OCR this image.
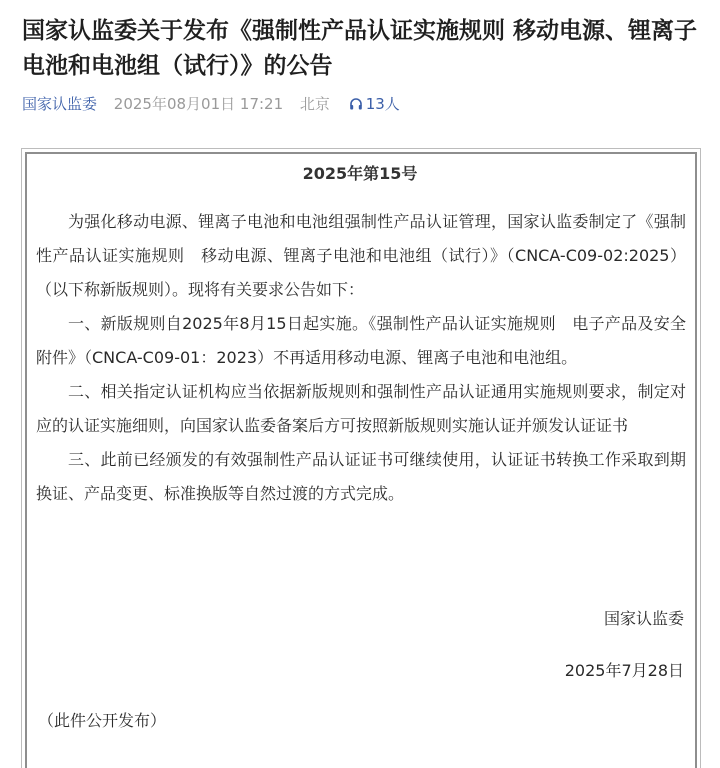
国家认监委关于发布《强制性产品认证实施规则 移动电源、锂离子电池和电池组（试行）》的公告
国家认监委 2025年08月01日 17:21 北京 13人
2025年第15号

为强化移动电源、锂离子电池和电池组强制性产品认证管理，国家认监委制定了《强制性产品认证实施规则　移动电源、锂离子电池和电池组（试行）》（CNCA-C09-02:2025）（以下称新版规则）。现将有关要求公告如下：

一、新版规则自2025年8月15日起实施。《强制性产品认证实施规则　电子产品及安全附件》（CNCA-C09-01：2023）不再适用移动电源、锂离子电池和电池组。

二、相关指定认证机构应当依据新版规则和强制性产品认证通用实施规则要求，制定对应的认证实施细则，向国家认监委备案后方可按照新版规则实施认证并颁发认证证书

三、此前已经颁发的有效强制性产品认证证书可继续使用，认证证书转换工作采取到期换证、产品变更、标准换版等自然过渡的方式完成。

国家认监委
2025年7月28日
（此件公开发布）
